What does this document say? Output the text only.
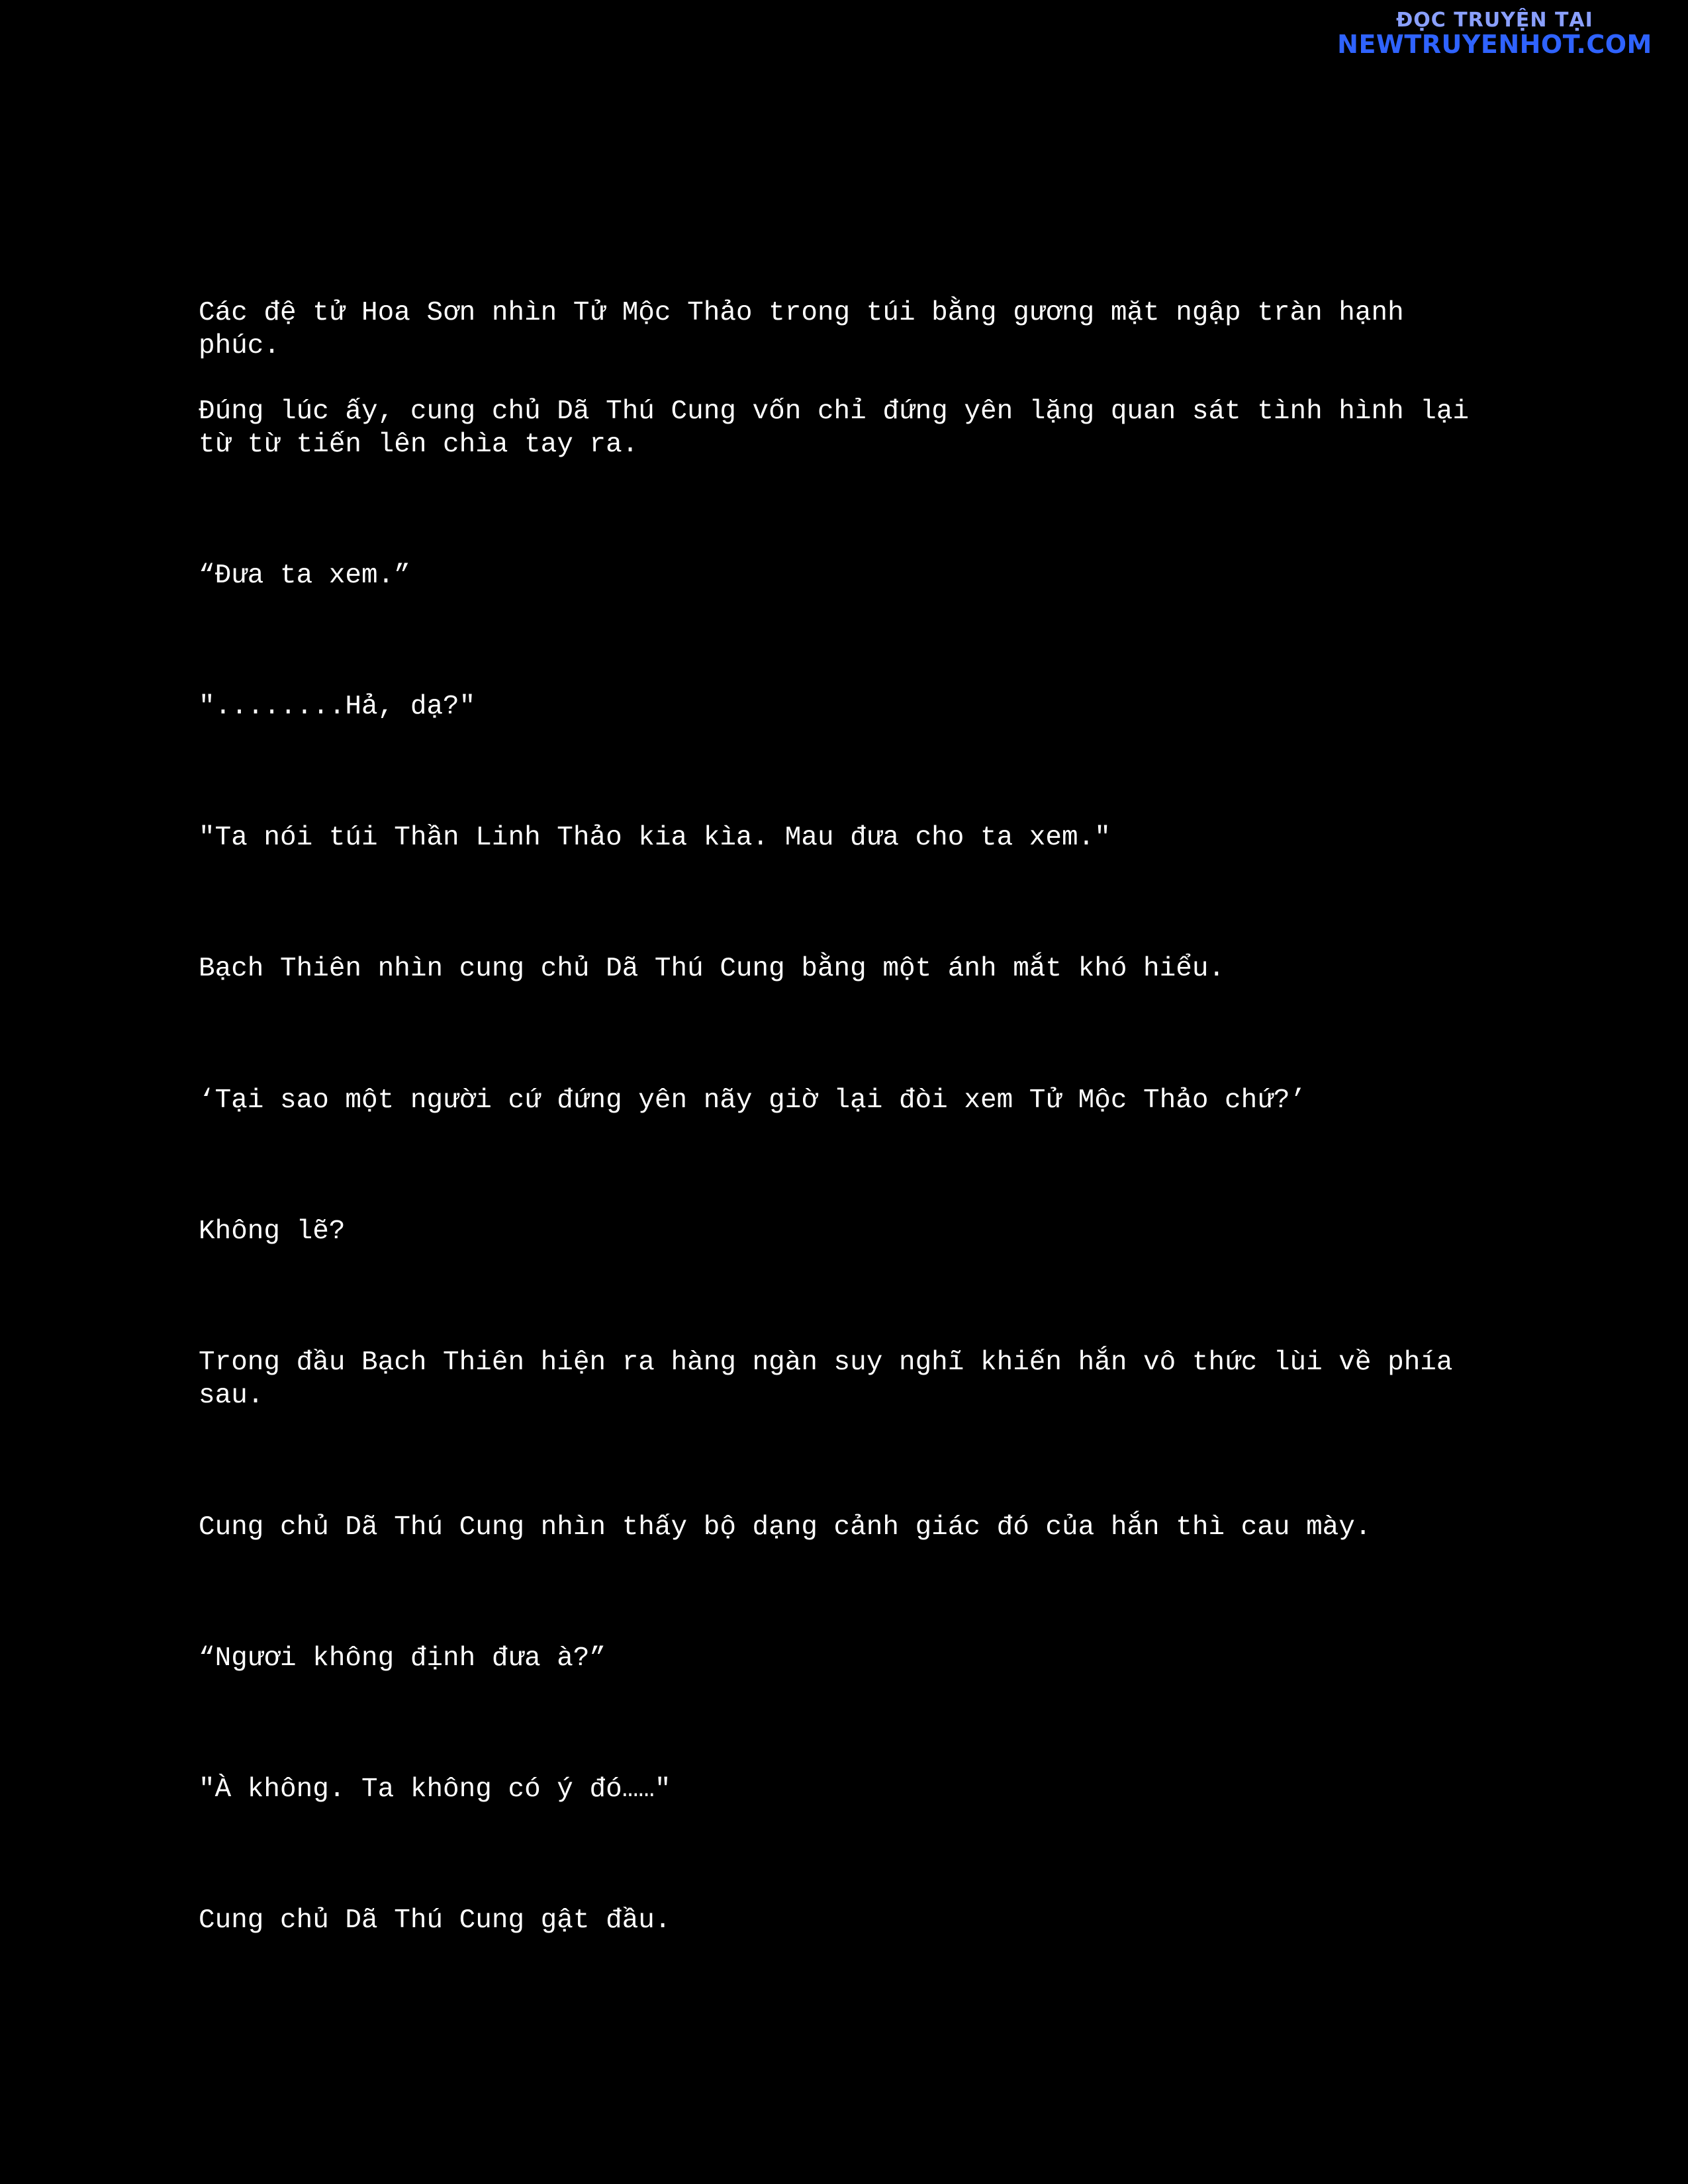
ĐỌC TRUYỆN TẠI
NEWTRUYENHOT.COM

Các đệ tử Hoa Sơn nhìn Tử Mộc Thảo trong túi bằng gương mặt ngập tràn hạnh phúc.

Đúng lúc ấy, cung chủ Dã Thú Cung vốn chỉ đứng yên lặng quan sát tình hình lại từ từ tiến lên chìa tay ra.

“Đưa ta xem.”

"........Hả, dạ?"

"Ta nói túi Thần Linh Thảo kia kìa. Mau đưa cho ta xem."

Bạch Thiên nhìn cung chủ Dã Thú Cung bằng một ánh mắt khó hiểu.

‘Tại sao một người cứ đứng yên nãy giờ lại đòi xem Tử Mộc Thảo chứ?’

Không lẽ?

Trong đầu Bạch Thiên hiện ra hàng ngàn suy nghĩ khiến hắn vô thức lùi về phía sau.

Cung chủ Dã Thú Cung nhìn thấy bộ dạng cảnh giác đó của hắn thì cau mày.

“Ngươi không định đưa à?”

"À không. Ta không có ý đó……"

Cung chủ Dã Thú Cung gật đầu.
